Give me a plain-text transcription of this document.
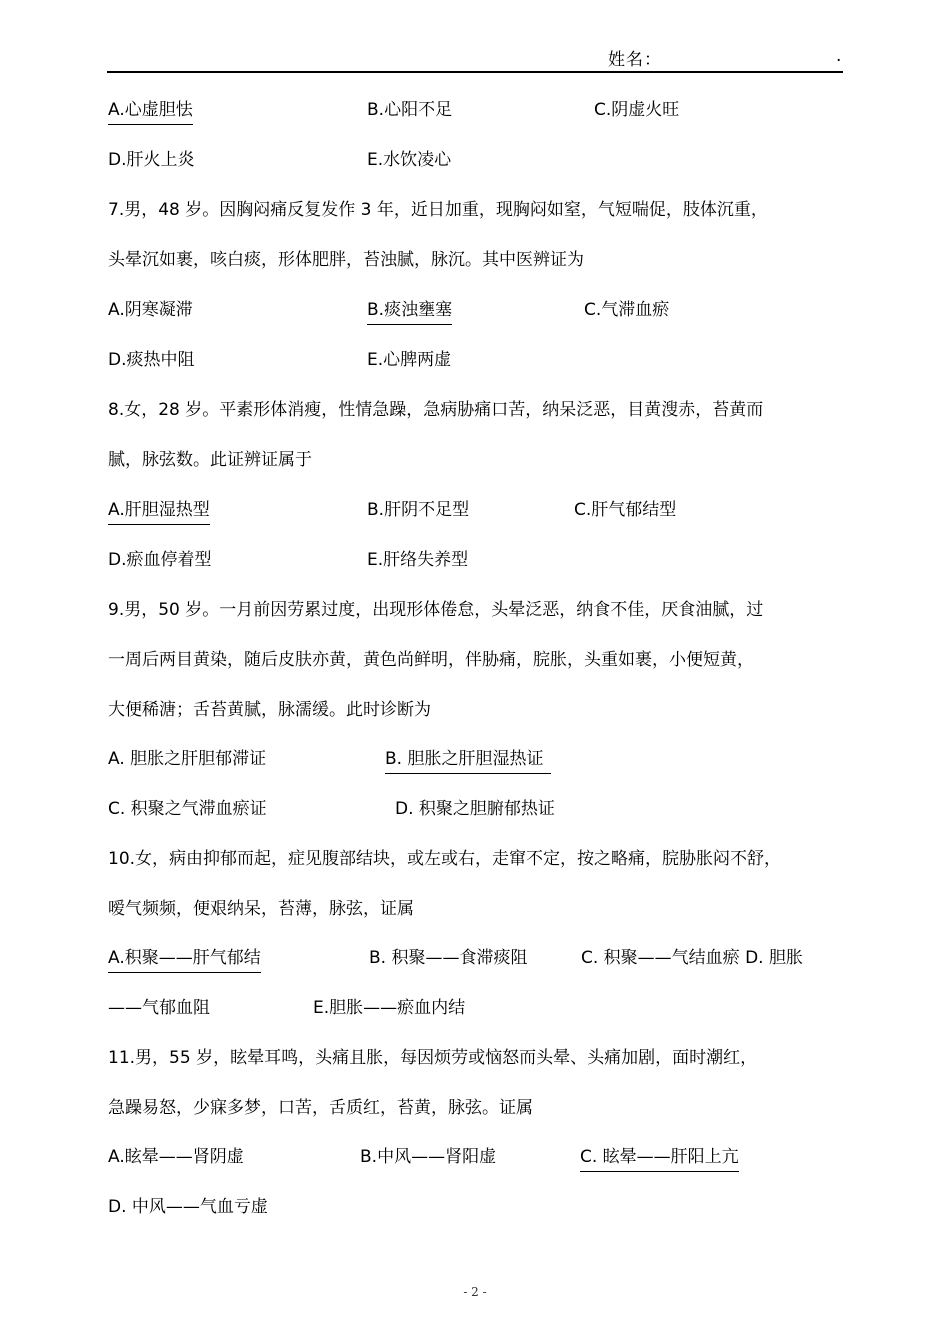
姓名：	.
A.心虚胆怯	B.心阳不足	C.阴虚火旺
D.肝火上炎	E.水饮凌心
7.男，48 岁。因胸闷痛反复发作 3 年，近日加重，现胸闷如窒，气短喘促，肢体沉重，
头晕沉如裹，咳白痰，形体肥胖，苔浊腻，脉沉。其中医辨证为
A.阴寒凝滞	B.痰浊壅塞	C.气滞血瘀
D.痰热中阻	E.心脾两虚
8.女，28 岁。平素形体消瘦，性情急躁，急病胁痛口苦，纳呆泛恶，目黄溲赤，苔黄而
腻，脉弦数。此证辨证属于
A.肝胆湿热型	B.肝阴不足型	C.肝气郁结型
D.瘀血停着型	E.肝络失养型
9.男，50 岁。一月前因劳累过度，出现形体倦怠，头晕泛恶，纳食不佳，厌食油腻，过
一周后两目黄染，随后皮肤亦黄，黄色尚鲜明，伴胁痛，脘胀，头重如裹，小便短黄，
大便稀溏；舌苔黄腻，脉濡缓。此时诊断为
A. 胆胀之肝胆郁滞证	B. 胆胀之肝胆湿热证
C. 积聚之气滞血瘀证	D. 积聚之胆腑郁热证
10.女，病由抑郁而起，症见腹部结块，或左或右，走窜不定，按之略痛，脘胁胀闷不舒，
嗳气频频，便艰纳呆，苔薄，脉弦，证属
A.积聚——肝气郁结	B. 积聚——食滞痰阻	C. 积聚——气结血瘀 D. 胆胀
——气郁血阻	E.胆胀——瘀血内结
11.男，55 岁，眩晕耳鸣，头痛且胀，每因烦劳或恼怒而头晕、头痛加剧，面时潮红，
急躁易怒，少寐多梦，口苦，舌质红，苔黄，脉弦。证属
A.眩晕——肾阴虚	B.中风——肾阳虚	C. 眩晕——肝阳上亢
D. 中风——气血亏虚
- 2 -
